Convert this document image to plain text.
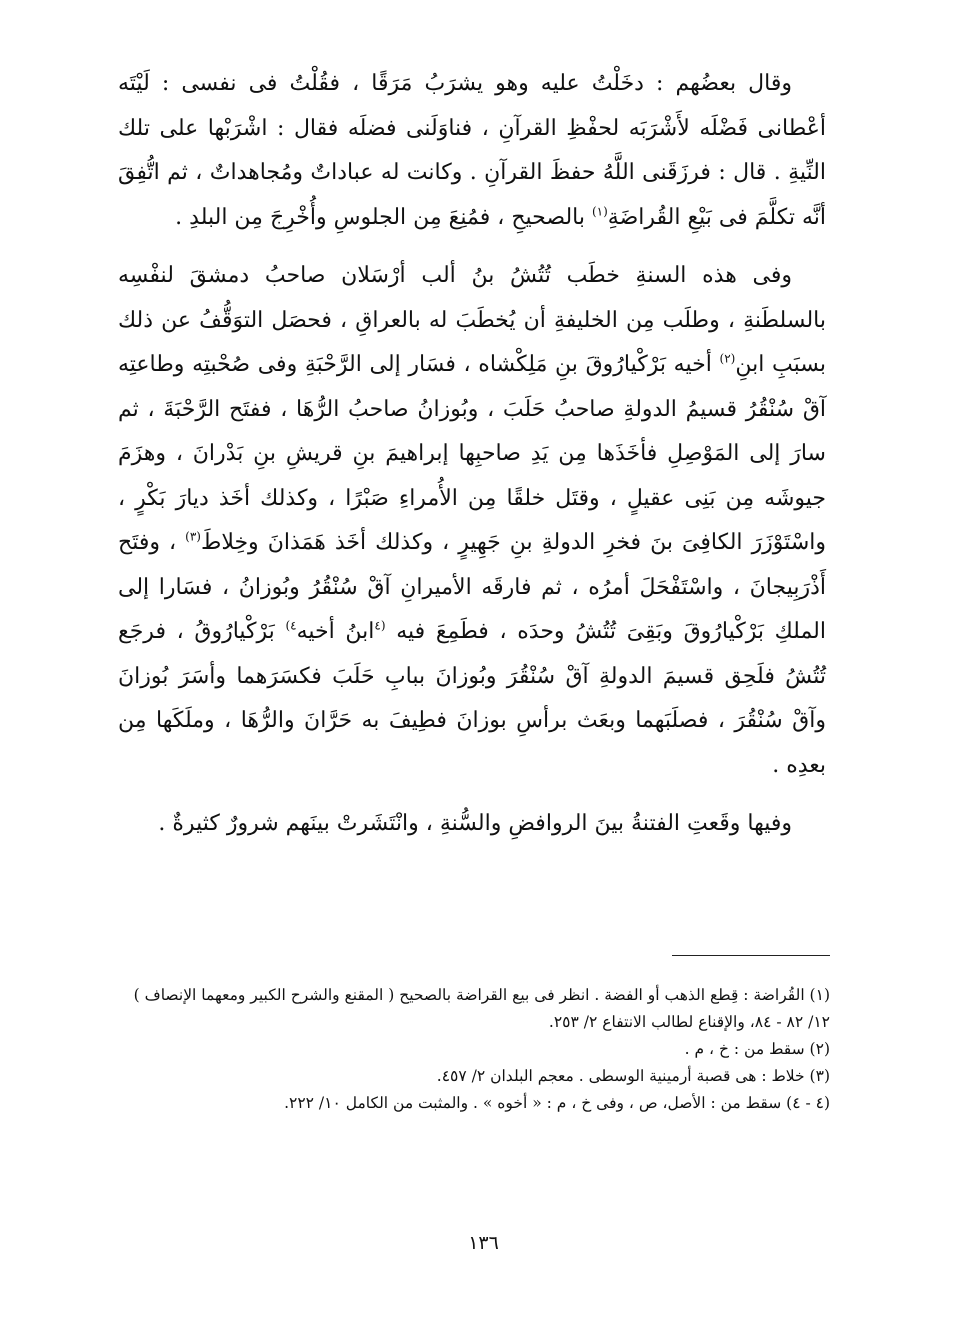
وقال بعضُهم : دخَلْتُ عليه وهو يشرَبُ مَرَقًا ، فقُلْتُ فى نفسى : لَيْتَه أعْطانى فَضْلَه لأَشْرَبَه لحفْظِ القرآنِ ، فناوَلَنى فضلَه فقال : اشْرَبْها على تلك النِّيةِ . قال : فرزَقَنى اللَّهُ حفظَ القرآنِ . وكانت له عباداتٌ ومُجاهداتٌ ، ثم اتُّفِقَ أنَّه تكلَّمَ فى بَيْعِ القُراضَةِ$^{(١)}$ بالصحيحِ ، فمُنِعَ مِن الجلوسِ وأُخْرِجَ مِن البلدِ .

وفى هذه السنةِ خطَب تُتُشُ بنُ ألب أرْسَلان صاحبُ دمشقَ لنفْسِه بالسلطَنةِ ، وطلَب مِن الخليفةِ أن يُخطَبَ له بالعراقِ ، فحصَل التوَقُّفُ عن ذلك بسبَبِ ابنِ$^{(٢)}$ أخيه بَرْكْيارُوقَ بنِ مَلِكْشاه ، فسَار إلى الرَّحْبَةِ وفى صُحْبتِه وطاعتِه آقْ سُنْقُرُ قسيمُ الدولةِ صاحبُ حَلَبَ ، وبُوزانُ صاحبُ الرُّهَا ، ففتَح الرَّحْبَةَ ، ثم سارَ إلى المَوْصِلِ فأخَذَها مِن يَدِ صاحبِها إبراهيمَ بنِ قريشِ بنِ بَدْرانَ ، وهزَمَ جيوشَه مِن بَنِى عقيلٍ ، وقتَل خلقًا مِن الأُمراءِ صَبْرًا ، وكذلك أخَذ ديارَ بَكْرٍ ، واسْتَوْزَرَ الكافِىَ بنَ فخرِ الدولةِ بنِ جَهِيرٍ ، وكذلك أخَذ هَمَذانَ وخِلاطَ$^{(٣)}$ ، وفتَح أَذْرَبِيجانَ ، واسْتَفْحَلَ أمرُه ، ثم فارقَه الأميرانِ آقْ سُنْقُرُ وبُوزانُ ، فسَارا إلى الملكِ بَرْكْيارُوقَ وبَقِىَ تُتُشُ وحدَه ، فطَمِعَ فيه $^{(٤}$ابنُ أخيه$^{٤)}$ بَرْكْيارُوقُ ، فرجَع تُتُشُ فلَحِق قسيمَ الدولةِ آقْ سُنْقُرَ وبُوزانَ ببابِ حَلَبَ فكسَرَهما وأسَرَ بُوزانَ وآقْ سُنْقُرَ ، فصلَبَهما وبعَث برأسِ بوزانَ فطِيفَ به حَرَّانَ والرُّهَا ، وملَكَها مِن بعدِه .

وفيها وقَعتِ الفتنةُ بينَ الروافضِ والسُّنةِ ، وانْتَشَرتْ بينَهم شرورٌ كثيرةٌ .

(١) القُراضة : قِطع الذهب أو الفضة . انظر فى بيع القراضة بالصحيح ( المقنع والشرح الكبير ومعهما الإنصاف ) ١٢/ ٨٢ - ٨٤، والإقناع لطالب الانتفاع ٢/ ٢٥٣.

(٢) سقط من : خ ، م .

(٣) خلاط : هى قصبة أرمينية الوسطى . معجم البلدان ٢/ ٤٥٧.

(٤ - ٤) سقط من : الأصل، ص ، وفى خ ، م : « أخوه » . والمثبت من الكامل ١٠/ ٢٢٢.

١٣٦
